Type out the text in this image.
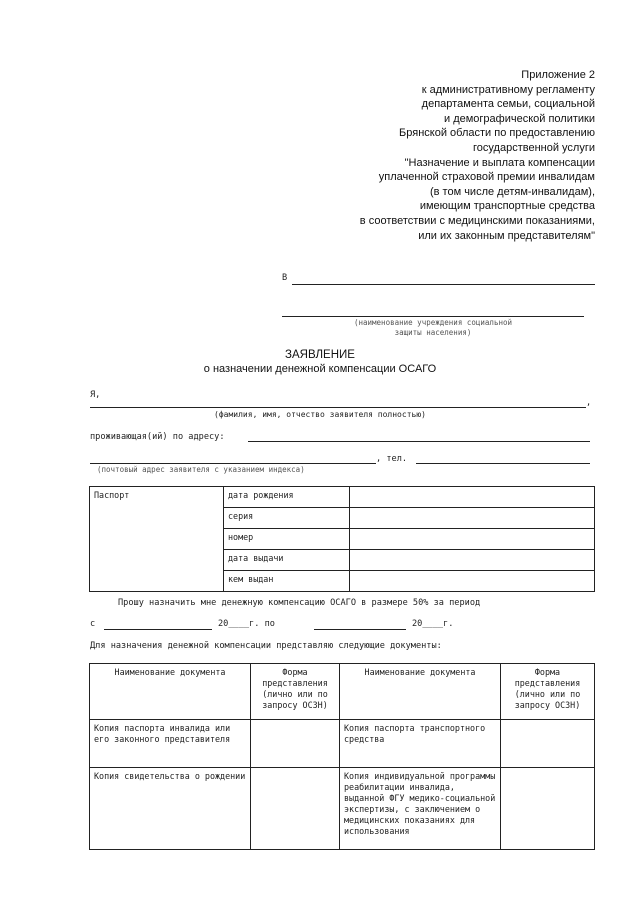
Приложение 2
к административному регламенту
департамента семьи, социальной
и демографической политики
Брянской области по предоставлению
государственной услуги
"Назначение и выплата компенсации
уплаченной страховой премии инвалидам
(в том числе детям-инвалидам),
имеющим транспортные средства
в соответствии с медицинскими показаниями,
или их законным представителям"
В
(наименование учреждения социальной
защиты населения)
ЗАЯВЛЕНИЕ
о назначении денежной компенсации ОСАГО
Я,
,
(фамилия, имя, отчество заявителя полностью)
проживающая(ий) по адресу:
, тел.
(почтовый адрес заявителя с указанием индекса)
Паспорт	дата рождения	
	серия	
	номер	
	дата выдачи	
	кем выдан	
Прошу назначить мне денежную компенсацию ОСАГО в размере 50% за период
с	20____г. по	20____г.
Для назначения денежной компенсации представляю следующие документы:
Наименование документа	Форма представления (лично или по запросу ОСЗН)	Наименование документа	Форма представления (лично или по запросу ОСЗН)
Копия паспорта инвалида или его законного представителя		Копия паспорта транспортного средства	
Копия свидетельства о рождении		Копия индивидуальной программы реабилитации инвалида, выданной ФГУ медико-социальной экспертизы, с заключением о медицинских показаниях для использования	
